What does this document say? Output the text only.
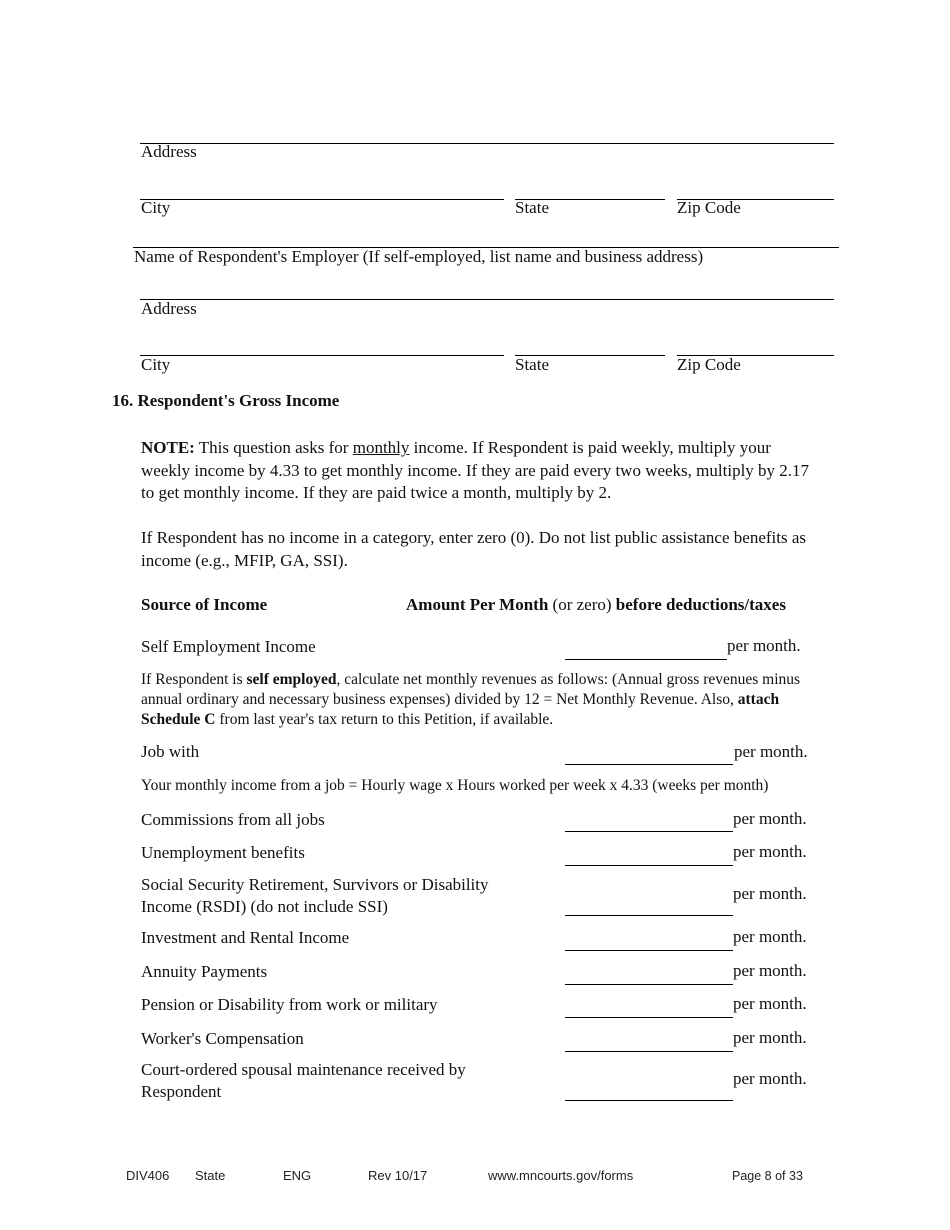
Address
City	State	Zip Code
Name of Respondent's Employer (If self-employed, list name and business address)
Address
City	State	Zip Code
16. Respondent's Gross Income
NOTE: This question asks for monthly income. If Respondent is paid weekly, multiply your weekly income by 4.33 to get monthly income. If they are paid every two weeks, multiply by 2.17 to get monthly income. If they are paid twice a month, multiply by 2.
If Respondent has no income in a category, enter zero (0). Do not list public assistance benefits as income (e.g., MFIP, GA, SSI).
Source of Income	Amount Per Month (or zero) before deductions/taxes
Self Employment Income	per month.
If Respondent is self employed, calculate net monthly revenues as follows: (Annual gross revenues minus annual ordinary and necessary business expenses) divided by 12 = Net Monthly Revenue. Also, attach Schedule C from last year's tax return to this Petition, if available.
Job with	per month.
Your monthly income from a job = Hourly wage x Hours worked per week x 4.33 (weeks per month)
Commissions from all jobs	per month.
Unemployment benefits	per month.
Social Security Retirement, Survivors or Disability
Income (RSDI) (do not include SSI)
per month.
Investment and Rental Income	per month.
Annuity Payments	per month.
Pension or Disability from work or military	per month.
Worker's Compensation	per month.
Court-ordered spousal maintenance received by
Respondent
per month.
DIV406 State	ENG	Rev 10/17	www.mncourts.gov/forms	Page 8 of 33
